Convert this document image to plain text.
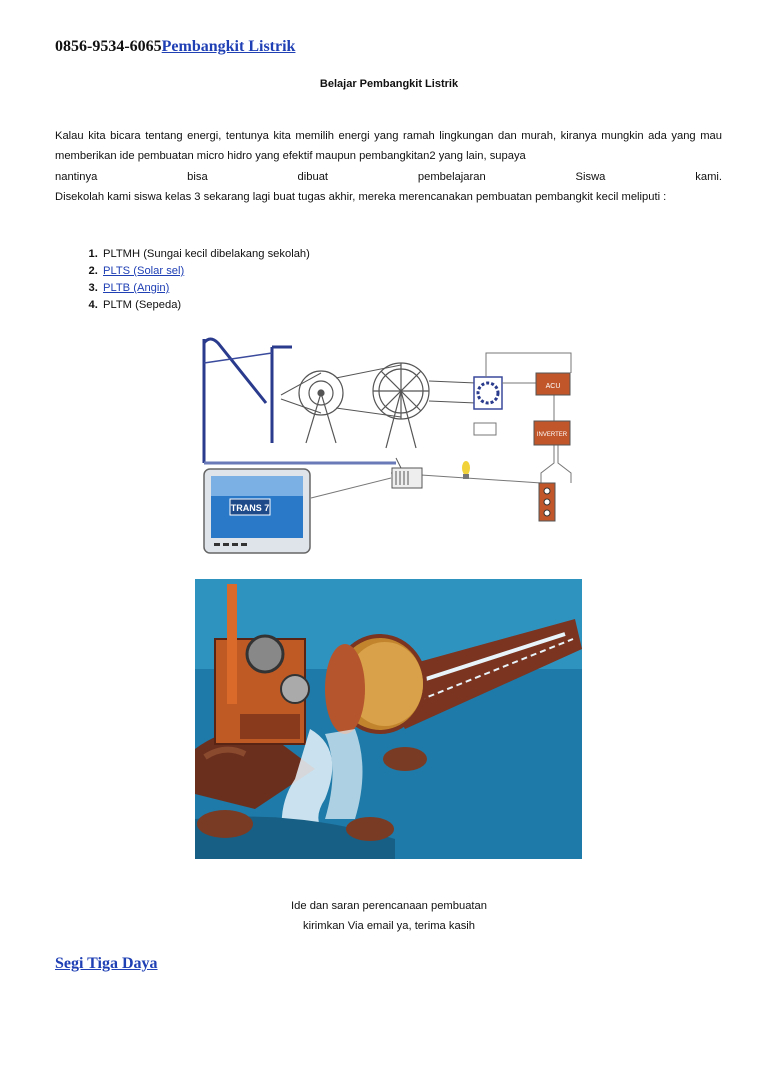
0856-9534-6065Pembangkit Listrik
Belajar Pembangkit Listrik

Kalau kita bicara tentang energi, tentunya kita memilih energi yang ramah lingkungan dan murah, kiranya mungkin ada yang mau memberikan ide pembuatan micro hidro yang efektif maupun pembangkitan2 yang lain, supaya

nantinya bisa dibuat pembelajaran Siswa kami.

Disekolah kami siswa kelas 3 sekarang lagi buat tugas akhir, mereka merencanakan pembuatan pembangkit kecil meliputi :

1. PLTMH (Sungai kecil dibelakang sekolah)
2. PLTS (Solar sel)
3. PLTB (Angin)
4. PLTM (Sepeda)
ACU
INVERTER
TRANS 7
Ide dan saran perencanaan pembuatan
kirimkan Via email ya, terima kasih
Segi Tiga Daya
